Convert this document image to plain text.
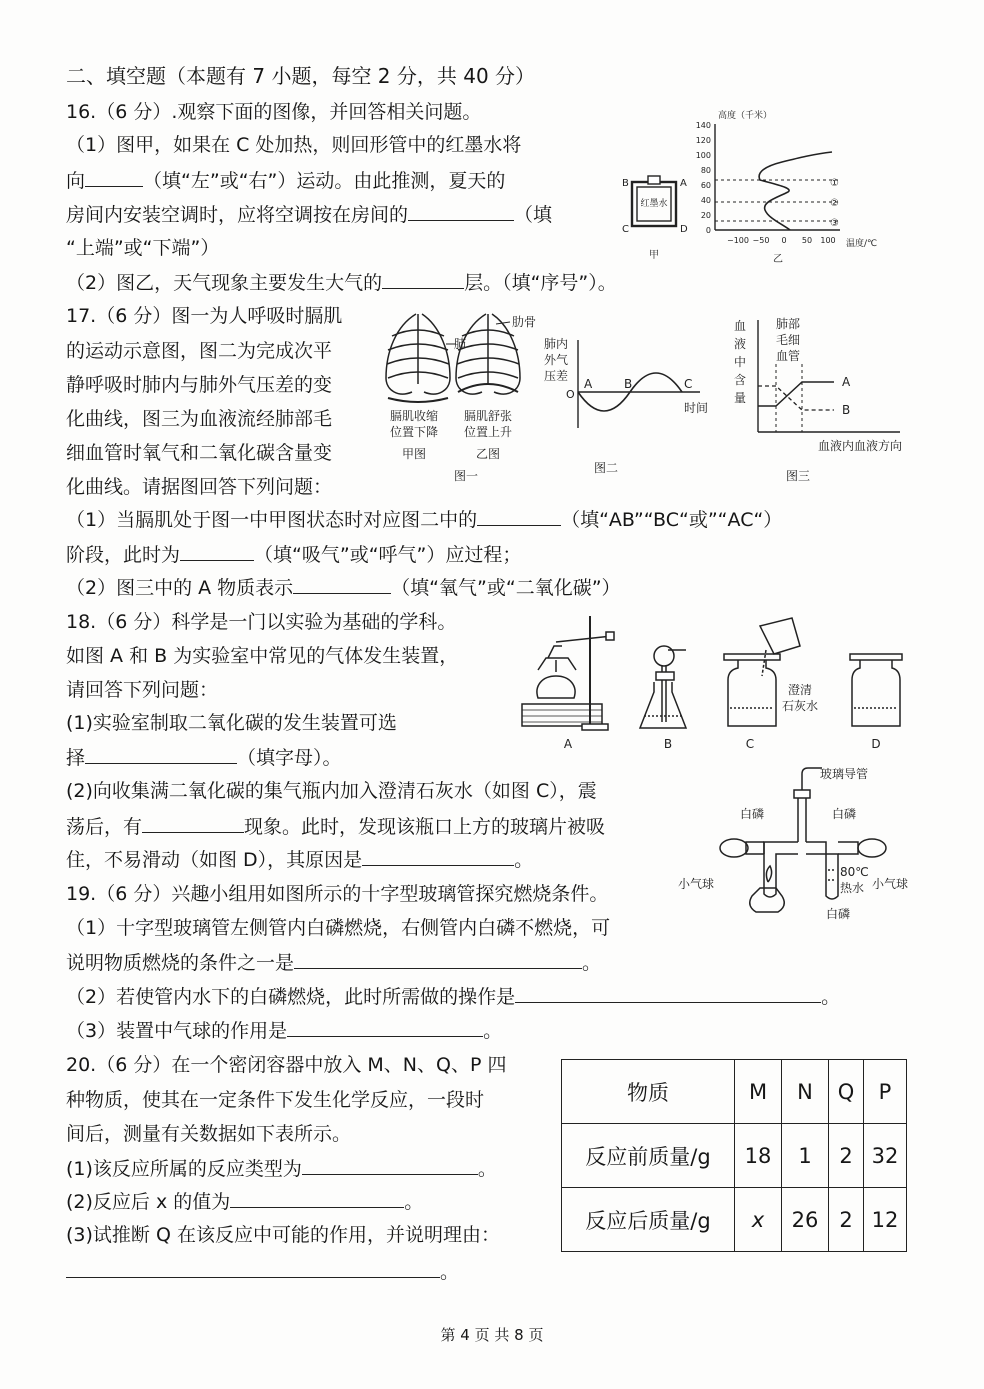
二、填空题（本题有 7 小题，每空 2 分，共 40 分）
16.（6 分）.观察下面的图像，并回答相关问题。
（1）图甲，如果在 C 处加热，则回形管中的红墨水将
向	（填“左”或“右”）运动。由此推测，夏天的
房间内安装空调时，应将空调按在房间的	（填
“上端”或“下端”）
（2）图乙，天气现象主要发生大气的	层。（填“序号”）。
红墨水
B	A
C	D
甲
高度（千米）
0
20
40
60
80
100
120
140
−100 −50 0 50 100 温度/℃
①
②
③
乙
17.（6 分）图一为人呼吸时膈肌
的运动示意图，图二为完成次平
静呼吸时肺内与肺外气压差的变
化曲线，图三为血液流经肺部毛
细血管时氧气和二氧化碳含量变
化曲线。请据图回答下列问题：
（1）当膈肌处于图一中甲图状态时对应图二中的	（填“AB”“BC“或”“AC“）
阶段，此时为	（填“吸气”或“呼气”）应过程；
（2）图三中的 A 物质表示	（填“氧气”或“二氧化碳”）
肋骨
肺
膈肌收缩
位置下降
膈肌舒张
位置上升
甲图	乙图
图一
肺内
外气
压差
O
A	B	C
时间
图二
血
液
中
含
量
肺部
毛细
血管
A
B
血液内血液方向
图三
18.（6 分）科学是一门以实验为基础的学科。
如图 A 和 B 为实验室中常见的气体发生装置，
请回答下列问题：
(1)实验室制取二氧化碳的发生装置可选
择	（填字母）。
(2)向收集满二氧化碳的集气瓶内加入澄清石灰水（如图 C），震
荡后，有	现象。此时，发现该瓶口上方的玻璃片被吸
住，不易滑动（如图 D），其原因是	。
A	B
澄清
石灰水
C	D
19.（6 分）兴趣小组用如图所示的十字型玻璃管探究燃烧条件。
（1）十字型玻璃管左侧管内白磷燃烧，右侧管内白磷不燃烧，可
说明物质燃烧的条件之一是	。
（2）若使管内水下的白磷燃烧，此时所需做的操作是	。
（3）装置中气球的作用是	。
玻璃导管
白磷	白磷
80℃
热水
小气球	小气球
白磷
20.（6 分）在一个密闭容器中放入 M、N、Q、P 四
种物质，使其在一定条件下发生化学反应，一段时
间后，测量有关数据如下表所示。
(1)该反应所属的反应类型为	。
(2)反应后 x 的值为	。
(3)试推断 Q 在该反应中可能的作用，并说明理由：
。
物质	M	N	Q	P
反应前质量/g	18	1	2	32
反应后质量/g	x	26	2	12
第 4 页 共 8 页
